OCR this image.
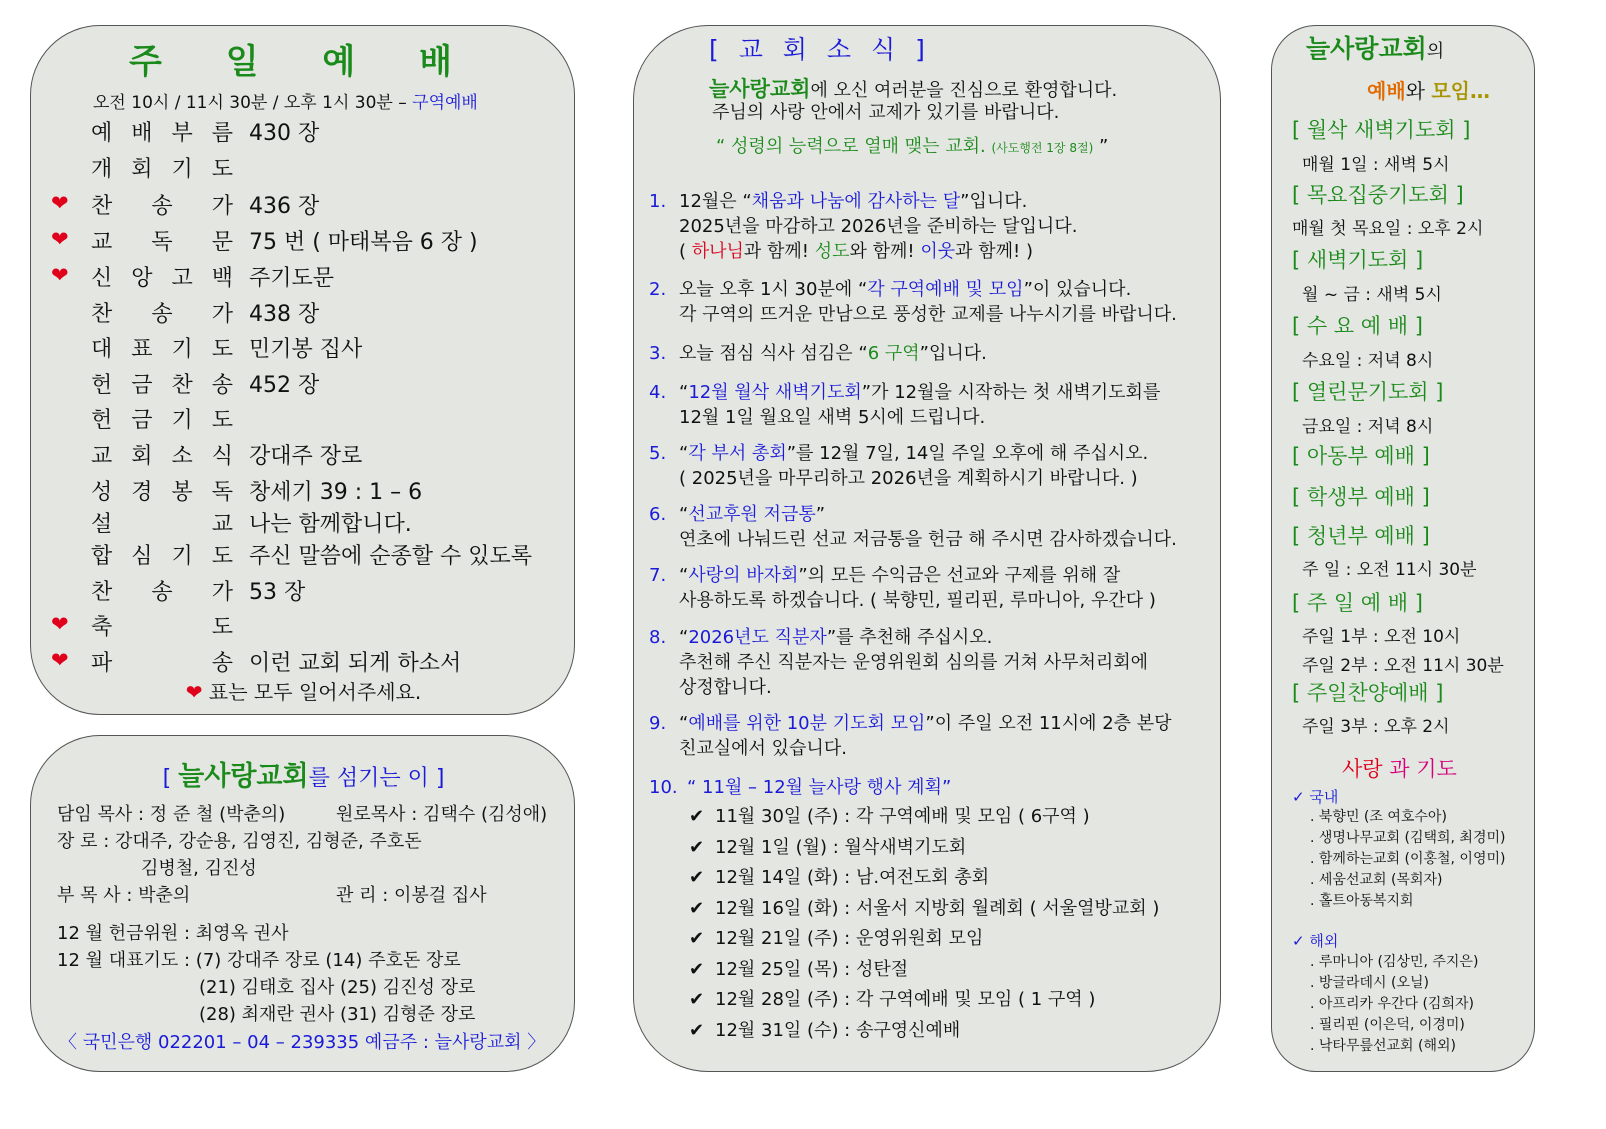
주 일 예 배
오전 10시 / 11시 30분 / 오후 1시 30분 – 구역예배
예 배 부 름 430 장
개 회 기 도
❤ 찬 송 가 436 장
❤ 교 독 문 75 번 ( 마태복음 6 장 )
❤ 신 앙 고 백 주기도문
찬 송 가 438 장
대 표 기 도 민기봉 집사
헌 금 찬 송 452 장
헌 금 기 도
교 회 소 식 강대주 장로
성 경 봉 독 창세기 39 : 1 – 6
설	교 나는 함께합니다.
합 심 기 도 주신 말씀에 순종할 수 있도록
찬 송 가 53 장
❤ 축	도
❤ 파	송 이런 교회 되게 하소서
❤ 표는 모두 일어서주세요.
[ 늘사랑교회를 섬기는 이 ]
담임 목사 : 정 준 철 (박춘의)	원로목사 : 김택수 (김성애)
장 로 : 강대주, 강순용, 김영진, 김형준, 주호돈
김병철, 김진성
부 목 사 : 박춘의	관 리 : 이봉걸 집사
12 월 헌금위원 : 최영옥 권사
12 월 대표기도 : (7) 강대주 장로 (14) 주호돈 장로
(21) 김태호 집사 (25) 김진성 장로
(28) 최재란 권사 (31) 김형준 장로
〈 국민은행 022201 – 04 – 239335 예금주 : 늘사랑교회 〉
[ 교 회 소 식 ]
늘사랑교회에 오신 여러분을 진심으로 환영합니다.
주님의 사랑 안에서 교제가 있기를 바랍니다.
“ 성령의 능력으로 열매 맺는 교회. (사도행전 1장 8절) ”
1. 12월은 “채움과 나눔에 감사하는 달”입니다.
2025년을 마감하고 2026년을 준비하는 달입니다.
( 하나님과 함께! 성도와 함께! 이웃과 함께! )
2. 오늘 오후 1시 30분에 “각 구역예배 및 모임”이 있습니다.
각 구역의 뜨거운 만남으로 풍성한 교제를 나누시기를 바랍니다.
3. 오늘 점심 식사 섬김은 “6 구역”입니다.
4. “12월 월삭 새벽기도회”가 12월을 시작하는 첫 새벽기도회를
12월 1일 월요일 새벽 5시에 드립니다.
5. “각 부서 총회”를 12월 7일, 14일 주일 오후에 해 주십시오.
( 2025년을 마무리하고 2026년을 계획하시기 바랍니다. )
6. “선교후원 저금통”
연초에 나눠드린 선교 저금통을 헌금 해 주시면 감사하겠습니다.
7. “사랑의 바자회”의 모든 수익금은 선교와 구제를 위해 잘
사용하도록 하겠습니다. ( 북향민, 필리핀, 루마니아, 우간다 )
8. “2026년도 직분자”를 추천해 주십시오.
추천해 주신 직분자는 운영위원회 심의를 거쳐 사무처리회에
상정합니다.
9. “예배를 위한 10분 기도회 모임”이 주일 오전 11시에 2층 본당
친교실에서 있습니다.
10. “ 11월 – 12월 늘사랑 행사 계획”
✔ 11월 30일 (주) : 각 구역예배 및 모임 ( 6구역 )
✔ 12월 1일 (월) : 월삭새벽기도회
✔ 12월 14일 (화) : 남.여전도회 총회
✔ 12월 16일 (화) : 서울서 지방회 월례회 ( 서울열방교회 )
✔ 12월 21일 (주) : 운영위원회 모임
✔ 12월 25일 (목) : 성탄절
✔ 12월 28일 (주) : 각 구역예배 및 모임 ( 1 구역 )
✔ 12월 31일 (수) : 송구영신예배
늘사랑교회의
예배와 모임…
[ 월삭 새벽기도회 ]
매월 1일 : 새벽 5시
[ 목요집중기도회 ]
매월 첫 목요일 : 오후 2시
[ 새벽기도회 ]
월 ~ 금 : 새벽 5시
[ 수 요 예 배 ]
수요일 : 저녁 8시
[ 열린문기도회 ]
금요일 : 저녁 8시
[ 아동부 예배 ]
[ 학생부 예배 ]
[ 청년부 예배 ]
주 일 : 오전 11시 30분
[ 주 일 예 배 ]
주일 1부 : 오전 10시
주일 2부 : 오전 11시 30분
[ 주일찬양예배 ]
주일 3부 : 오후 2시
사랑 과 기도
✓ 국내
. 북향민 (조 여호수아)
. 생명나무교회 (김택희, 최경미)
. 함께하는교회 (이홍철, 이영미)
. 세움선교회 (목회자)
. 홀트아동복지회
✓ 해외
. 루마니아 (김상민, 주지은)
. 방글라데시 (오닐)
. 아프리카 우간다 (김희자)
. 필리핀 (이은덕, 이경미)
. 낙타무릎선교회 (해외)
